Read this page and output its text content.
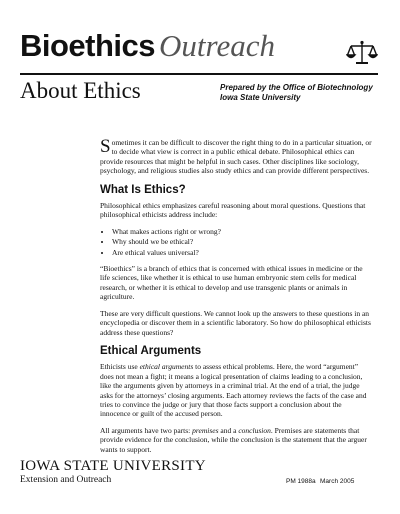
Bioethics Outreach
About Ethics	Prepared by the Office of Biotechnology
Iowa State University

Sometimes it can be difficult to discover the right thing to do in a particular situation, or to decide what view is correct in a public ethical debate. Philosophical ethics can provide resources that might be helpful in such cases. Other disciplines like sociology, psychology, and religious studies also study ethics and can provide different perspectives.

What Is Ethics?

Philosophical ethics emphasizes careful reasoning about moral questions. Questions that philosophical ethicists address include:

• What makes actions right or wrong?
• Why should we be ethical?
• Are ethical values universal?

“Bioethics” is a branch of ethics that is concerned with ethical issues in medicine or the life sciences, like whether it is ethical to use human embryonic stem cells for medical research, or whether it is ethical to develop and use transgenic plants or animals in agriculture.

These are very difficult questions. We cannot look up the answers to these questions in an encyclopedia or discover them in a scientific laboratory. So how do philosophical ethicists address these questions?

Ethical Arguments

Ethicists use ethical arguments to assess ethical problems. Here, the word “argument” does not mean a fight; it means a logical presentation of claims leading to a conclusion, like the arguments given by attorneys in a criminal trial. At the end of a trial, the judge asks for the attorneys’ closing arguments. Each attorney reviews the facts of the case and tries to convince the judge or jury that those facts support a conclusion about the innocence or guilt of the accused person.

All arguments have two parts: premises and a conclusion. Premises are statements that provide evidence for the conclusion, while the conclusion is the statement that the arguer wants to support.

IOWA STATE UNIVERSITY
Extension and Outreach	PM 1988a March 2005
